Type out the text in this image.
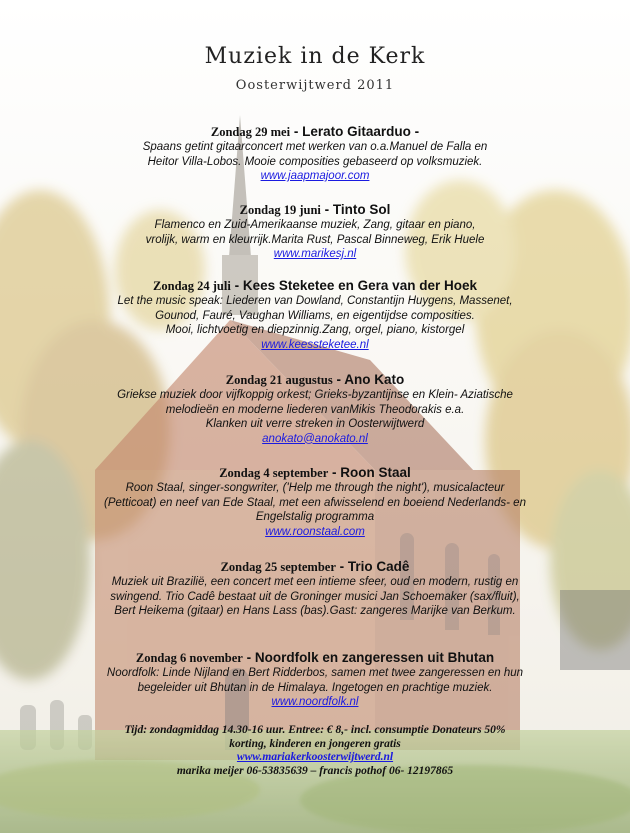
Muziek in de Kerk
Oosterwijtwerd 2011
Zondag 29 mei - Lerato Gitaarduo -
Spaans getint gitaarconcert met werken van o.a.Manuel de Falla en
Heitor Villa-Lobos. Mooie composities gebaseerd op volksmuziek.
www.jaapmajoor.com
Zondag 19 juni - Tinto Sol
Flamenco en Zuid-Amerikaanse muziek, Zang, gitaar en piano,
vrolijk, warm en kleurrijk.Marita Rust, Pascal Binneweg, Erik Huele
www.marikesj.nl
Zondag 24 juli - Kees Steketee en Gera van der Hoek
Let the music speak: Liederen van Dowland, Constantijn Huygens, Massenet,
Gounod, Fauré, Vaughan Williams, en eigentijdse composities.
Mooi, lichtvoetig en diepzinnig.Zang, orgel, piano, kistorgel
www.keessteketee.nl
Zondag 21 augustus - Ano Kato
Griekse muziek door vijfkoppig orkest; Grieks-byzantijnse en Klein- Aziatische
melodieën en moderne liederen vanMikis Theodorakis e.a.
Klanken uit verre streken in Oosterwijtwerd
anokato@anokato.nl
Zondag 4 september - Roon Staal
Roon Staal, singer-songwriter, ('Help me through the night'), musicalacteur
(Petticoat) en neef van Ede Staal, met een afwisselend en boeiend Nederlands- en
Engelstalig programma
www.roonstaal.com
Zondag 25 september - Trio Cadê
Muziek uit Brazilië, een concert met een intieme sfeer, oud en modern, rustig en
swingend. Trio Cadê bestaat uit de Groninger musici Jan Schoemaker (sax/fluit),
Bert Heikema (gitaar) en Hans Lass (bas).Gast: zangeres Marijke van Berkum.
Zondag 6 november - Noordfolk en zangeressen uit Bhutan
Noordfolk: Linde Nijland en Bert Ridderbos, samen met twee zangeressen en hun
begeleider uit Bhutan in de Himalaya. Ingetogen en prachtige muziek.
www.noordfolk.nl
Tijd: zondagmiddag 14.30-16 uur. Entree: € 8,- incl. consumptie Donateurs 50%
korting, kinderen en jongeren gratis
www.mariakerkoosterwijtwerd.nl
marika meijer 06-53835639 – francis pothof 06- 12197865
